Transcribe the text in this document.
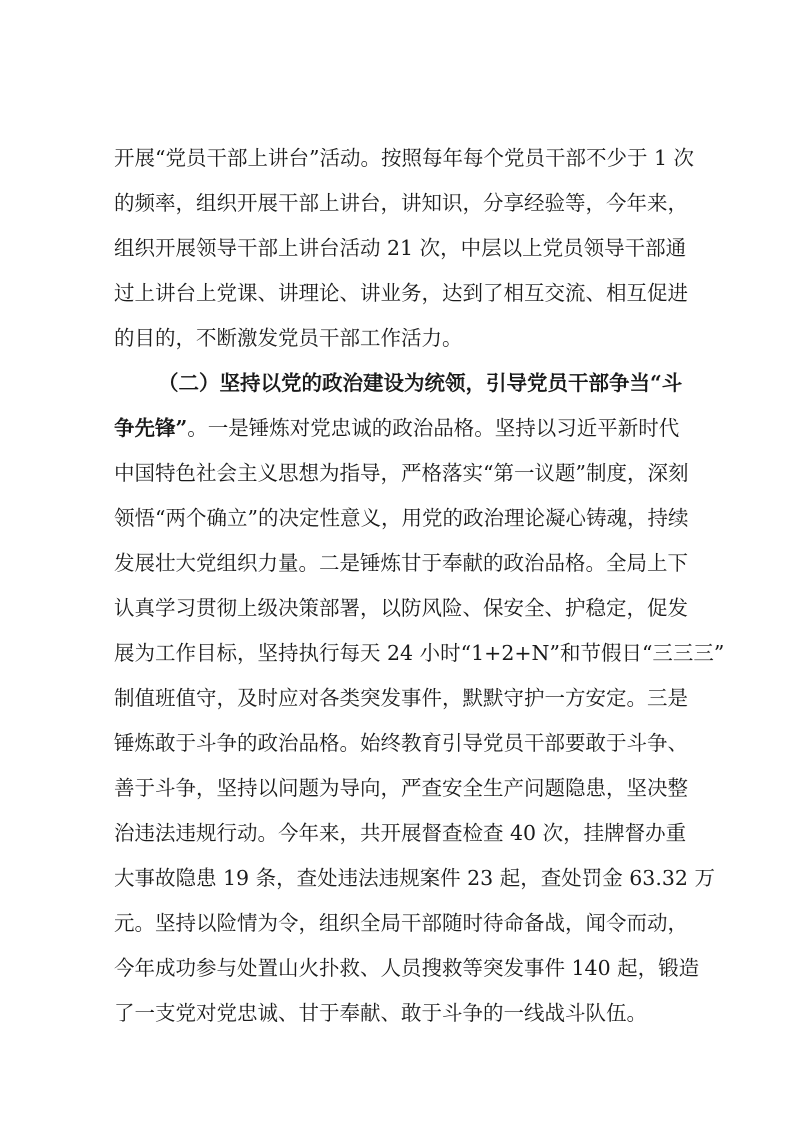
开展“党员干部上讲台”活动。按照每年每个党员干部不少于 1 次
的频率，组织开展干部上讲台，讲知识，分享经验等，今年来，
组织开展领导干部上讲台活动 21 次，中层以上党员领导干部通
过上讲台上党课、讲理论、讲业务，达到了相互交流、相互促进
的目的，不断激发党员干部工作活力。
（二）坚持以党的政治建设为统领，引导党员干部争当“斗
争先锋”。一是锤炼对党忠诚的政治品格。坚持以习近平新时代
中国特色社会主义思想为指导，严格落实“第一议题”制度，深刻
领悟“两个确立”的决定性意义，用党的政治理论凝心铸魂，持续
发展壮大党组织力量。二是锤炼甘于奉献的政治品格。全局上下
认真学习贯彻上级决策部署，以防风险、保安全、护稳定，促发
展为工作目标，坚持执行每天 24 小时“1+2+N”和节假日“三三三”
制值班值守，及时应对各类突发事件，默默守护一方安定。三是
锤炼敢于斗争的政治品格。始终教育引导党员干部要敢于斗争、
善于斗争，坚持以问题为导向，严查安全生产问题隐患，坚决整
治违法违规行动。今年来，共开展督查检查 40 次，挂牌督办重
大事故隐患 19 条，查处违法违规案件 23 起，查处罚金 63.32 万
元。坚持以险情为令，组织全局干部随时待命备战，闻令而动，
今年成功参与处置山火扑救、人员搜救等突发事件 140 起，锻造
了一支党对党忠诚、甘于奉献、敢于斗争的一线战斗队伍。
